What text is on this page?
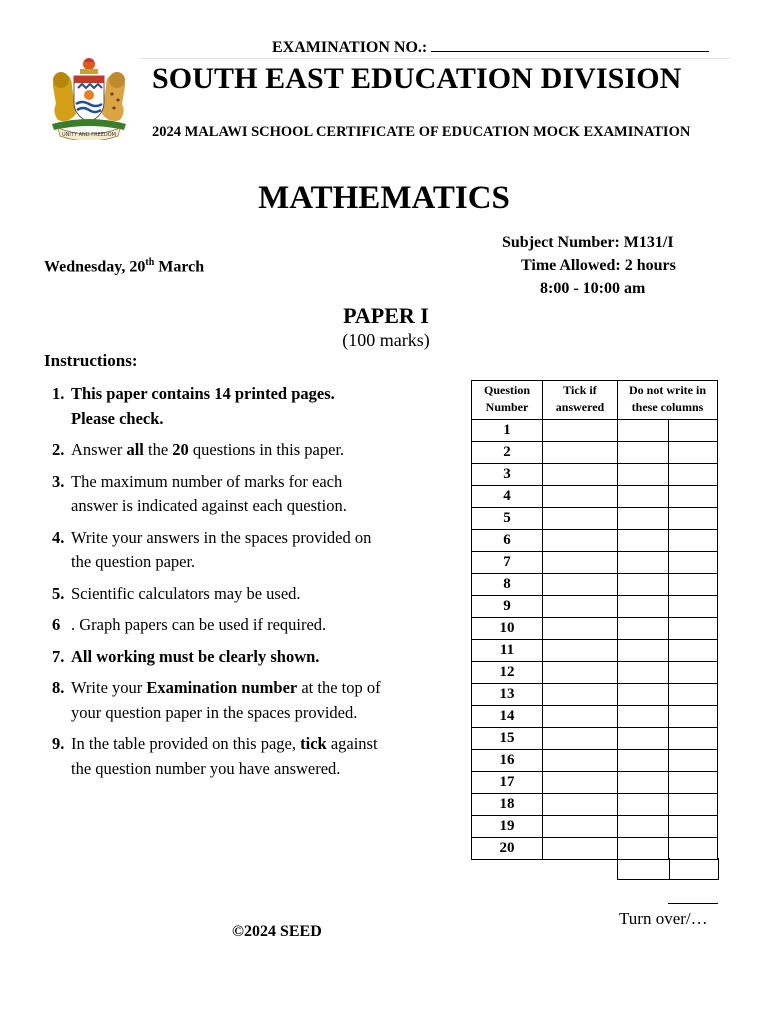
EXAMINATION NO.:
UNITY AND FREEDOM
SOUTH EAST EDUCATION DIVISION
2024 MALAWI SCHOOL CERTIFICATE OF EDUCATION MOCK EXAMINATION
MATHEMATICS
Subject Number: M131/I
Wednesday, 20th March	Time Allowed: 2 hours
8:00 - 10:00 am
PAPER I
(100 marks)
Instructions:
1. This paper contains 14 printed pages. Please check.
2. Answer all the 20 questions in this paper.
3. The maximum number of marks for each answer is indicated against each question.
4. Write your answers in the spaces provided on the question paper.
5. Scientific calculators may be used.
6 . Graph papers can be used if required.
7. All working must be clearly shown.
8. Write your Examination number at the top of your question paper in the spaces provided.
9. In the table provided on this page, tick against the question number you have answered.
Question Number	Tick if answered	Do not write in these columns	

1			
2			
3			
4			
5			
6			
7			
8			
9			
10			
11			
12			
13			
14			
15			
16			
17			
18			
19			
20			
Turn over/…
©2024 SEED
